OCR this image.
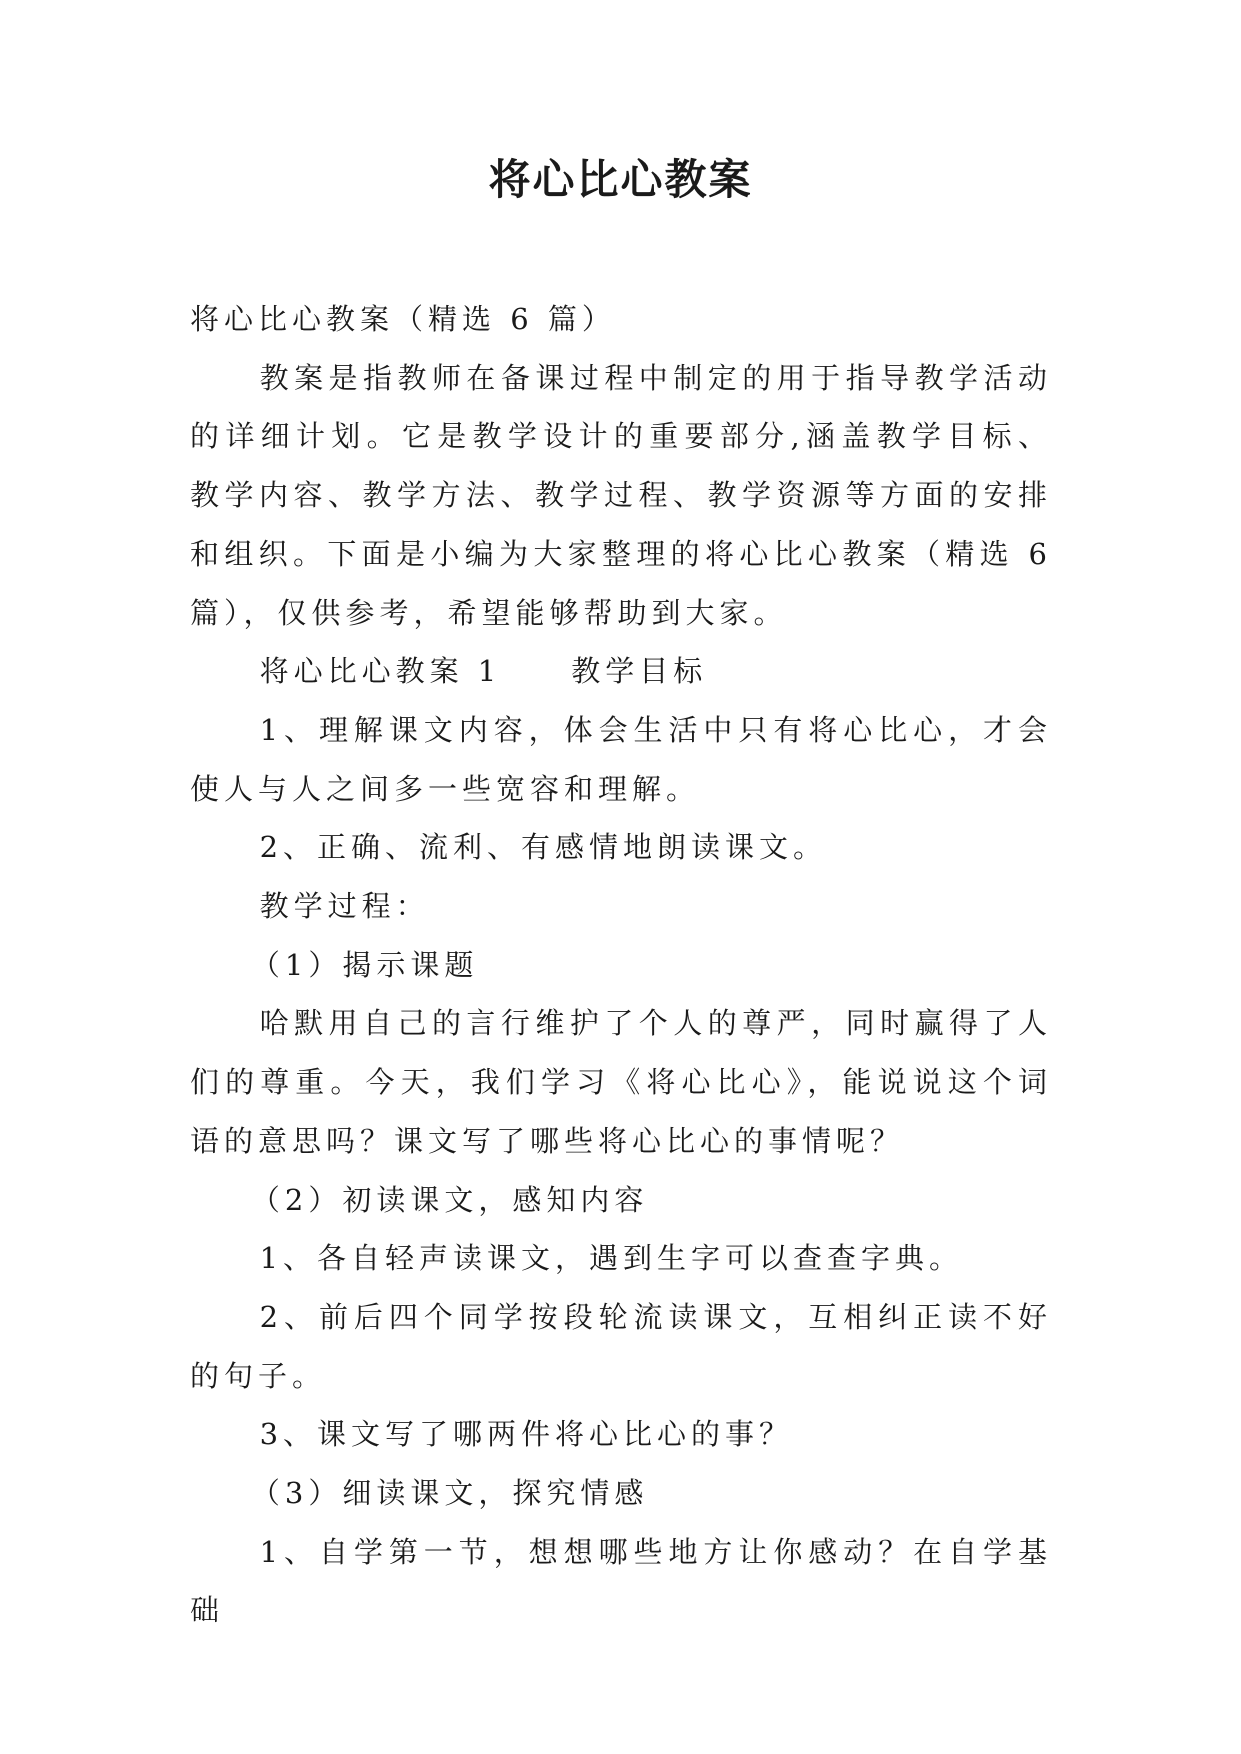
将心比心教案

将心比心教案（精选 6 篇）

教案是指教师在备课过程中制定的用于指导教学活动的详细计划。它是教学设计的重要部分,涵盖教学目标、教学内容、教学方法、教学过程、教学资源等方面的安排和组织。下面是小编为大家整理的将心比心教案（精选 6 篇），仅供参考，希望能够帮助到大家。

将心比心教案 1 教学目标

1、理解课文内容，体会生活中只有将心比心，才会使人与人之间多一些宽容和理解。

2、正确、流利、有感情地朗读课文。

教学过程：

（1）揭示课题

哈默用自己的言行维护了个人的尊严，同时赢得了人们的尊重。今天，我们学习《将心比心》，能说说这个词语的意思吗？课文写了哪些将心比心的事情呢？

（2）初读课文，感知内容

1、各自轻声读课文，遇到生字可以查查字典。

2、前后四个同学按段轮流读课文，互相纠正读不好的句子。

3、课文写了哪两件将心比心的事？

（3）细读课文，探究情感

1、自学第一节，想想哪些地方让你感动？在自学基础
